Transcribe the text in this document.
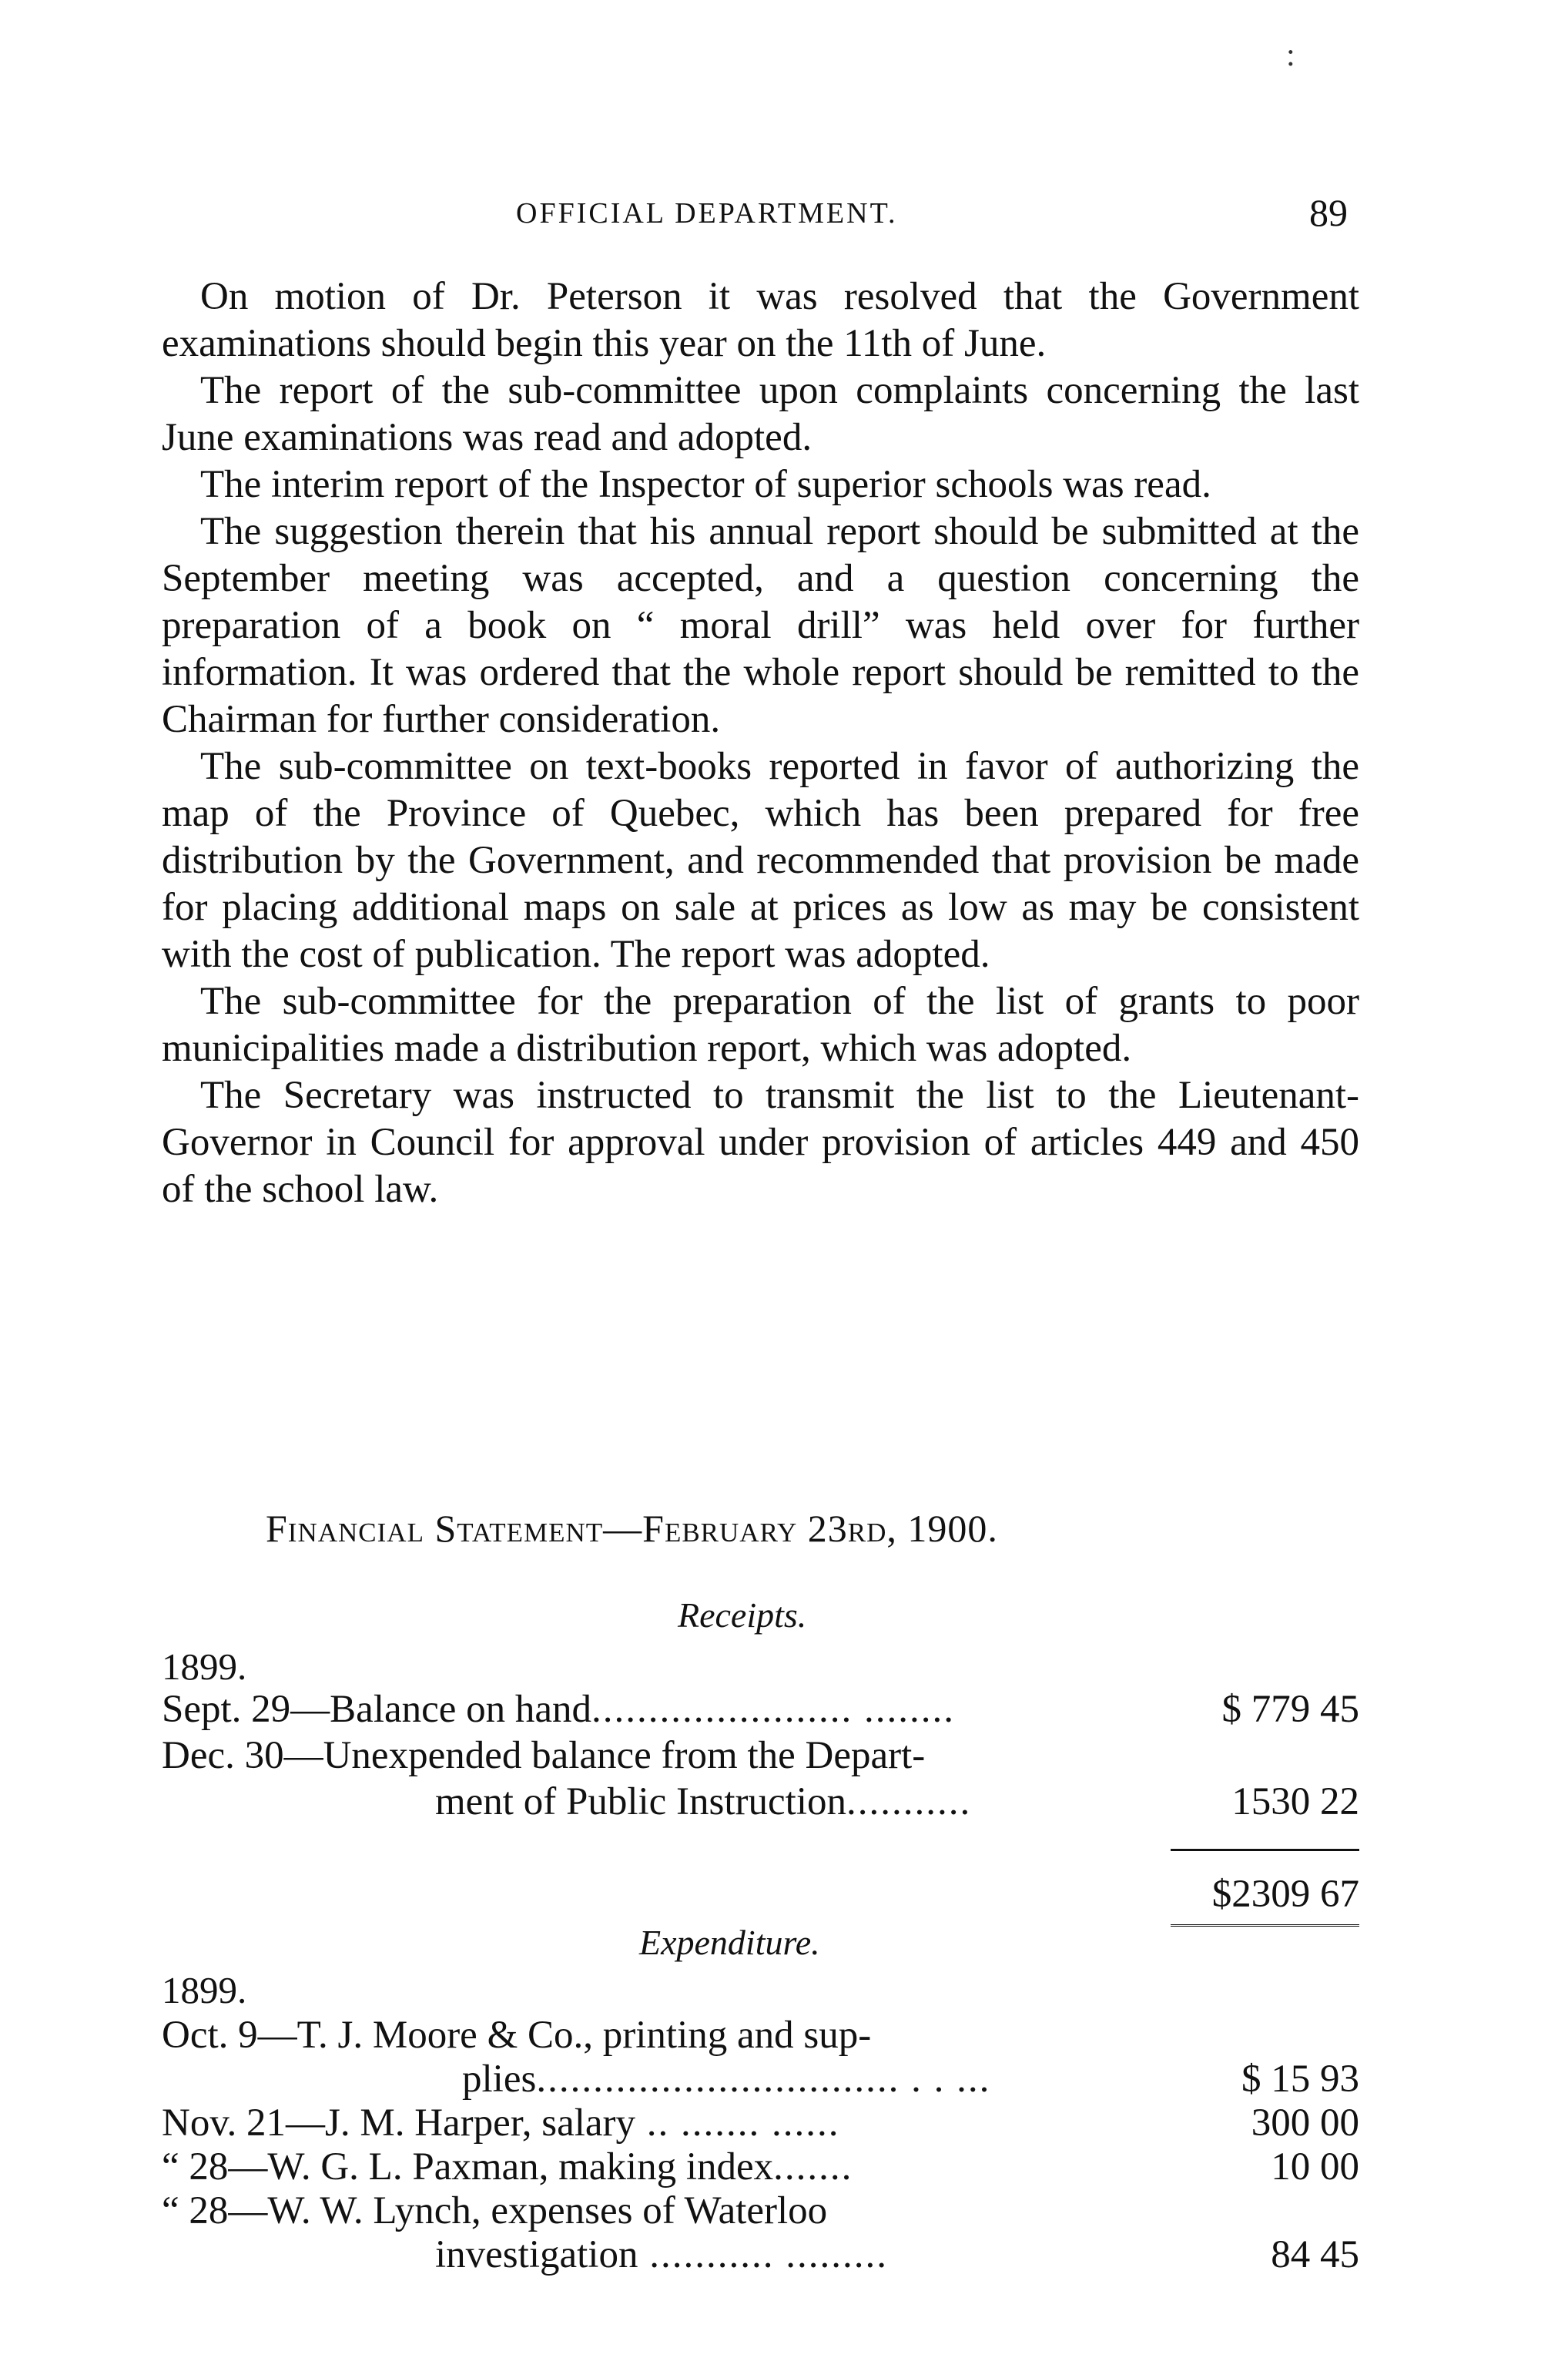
:
OFFICIAL DEPARTMENT.	89

On motion of Dr. Peterson it was resolved that the Government examinations should begin this year on the 11th of June.

The report of the sub-committee upon complaints concerning the last June examinations was read and adopted.

The interim report of the Inspector of superior schools was read.

The suggestion therein that his annual report should be submitted at the September meeting was accepted, and a question concerning the preparation of a book on “ moral drill” was held over for further information. It was ordered that the whole report should be remitted to the Chairman for further consideration.

The sub-committee on text-books reported in favor of authorizing the map of the Province of Quebec, which has been prepared for free distribution by the Government, and recommended that provision be made for placing additional maps on sale at prices as low as may be consistent with the cost of publication. The report was adopted.

The sub-committee for the preparation of the list of grants to poor municipalities made a distribution report, which was adopted.

The Secretary was instructed to transmit the list to the Lieutenant-Governor in Council for approval under provision of articles 449 and 450 of the school law.

Financial Statement—February 23rd, 1900.
Receipts.
1899.
Sept. 29—Balance on hand....................... ........	$ 779 45
Dec. 30—Unexpended balance from the Depart-
ment of Public Instruction...........	1530 22
$2309 67
Expenditure.
1899.
Oct. 9—T. J. Moore & Co., printing and sup-
plies................................ . . ...	$ 15 93
Nov. 21—J. M. Harper, salary .. ....... ......	300 00
“ 28—W. G. L. Paxman, making index.......	10 00
“ 28—W. W. Lynch, expenses of Waterloo
investigation ........... .........	84 45
